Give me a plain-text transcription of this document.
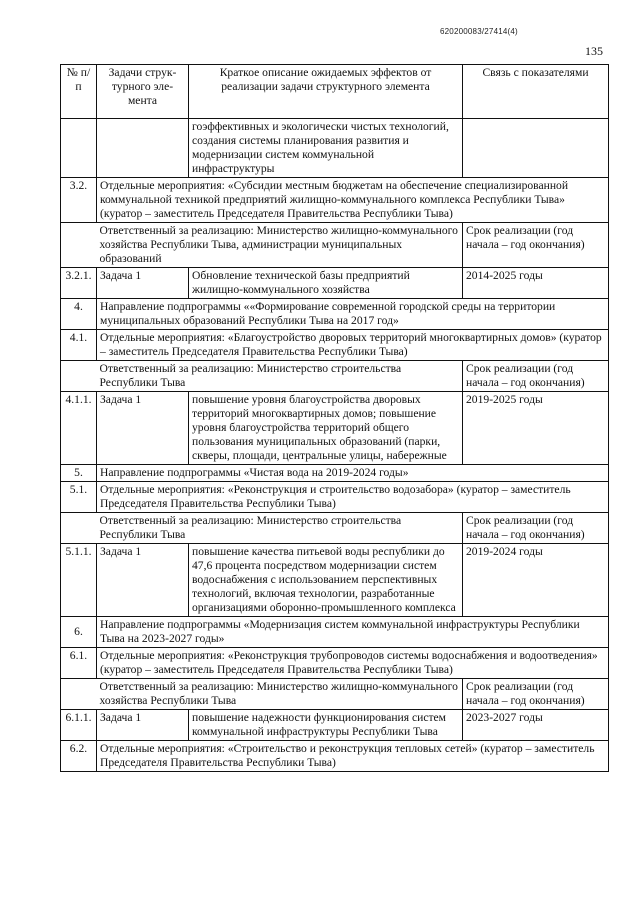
620200083/27414(4)
135
№ п/п	Задачи струк-турного эле-мента	Краткое описание ожидаемых эффектов от реализации задачи структурного элемента	Связь с показателями
		гоэффективных и экологически чистых технологий, создания системы планирования развития и модернизации систем коммунальной инфраструктуры	
3.2.	Отдельные мероприятия: «Субсидии местным бюджетам на обеспечение специализированной коммунальной техникой предприятий жилищно-коммунального комплекса Республики Тыва» (куратор – заместитель Председателя Правительства Республики Тыва)		
	Ответственный за реализацию: Министерство жилищно-коммунального хозяйства Республики Тыва, администрации муниципальных образований		Срок реализации (год начала – год окончания)
3.2.1.	Задача 1	Обновление технической базы предприятий жилищно-коммунального хозяйства	2014-2025 годы
4.	Направление подпрограммы ««Формирование современной городской среды на территории муниципальных образований Республики Тыва на 2017 год»		
4.1.	Отдельные мероприятия: «Благоустройство дворовых территорий многоквартирных домов» (куратор – заместитель Председателя Правительства Республики Тыва)		
	Ответственный за реализацию: Министерство строительства Республики Тыва		Срок реализации (год начала – год окончания)
4.1.1.	Задача 1	повышение уровня благоустройства дворовых территорий многоквартирных домов; повышение уровня благоустройства территорий общего пользования муниципальных образований (парки, скверы, площади, центральные улицы, набережные	2019-2025 годы
5.	Направление подпрограммы «Чистая вода на 2019-2024 годы»		
5.1.	Отдельные мероприятия: «Реконструкция и строительство водозабора» (куратор – заместитель Председателя Правительства Республики Тыва)		
	Ответственный за реализацию: Министерство строительства Республики Тыва		Срок реализации (год начала – год окончания)
5.1.1.	Задача 1	повышение качества питьевой воды республики до 47,6 процента посредством модернизации систем водоснабжения с использованием перспективных технологий, включая технологии, разработанные организациями оборонно-промышленного комплекса	2019-2024 годы
6.	Направление подпрограммы «Модернизация систем коммунальной инфраструктуры Республики Тыва на 2023-2027 годы»		
6.1.	Отдельные мероприятия: «Реконструкция трубопроводов системы водоснабжения и водоотведения» (куратор – заместитель Председателя Правительства Республики Тыва)		
	Ответственный за реализацию: Министерство жилищно-коммунального хозяйства Республики Тыва		Срок реализации (год начала – год окончания)
6.1.1.	Задача 1	повышение надежности функционирования систем коммунальной инфраструктуры Республики Тыва	2023-2027 годы
6.2.	Отдельные мероприятия: «Строительство и реконструкция тепловых сетей» (куратор – заместитель Председателя Правительства Республики Тыва)		
